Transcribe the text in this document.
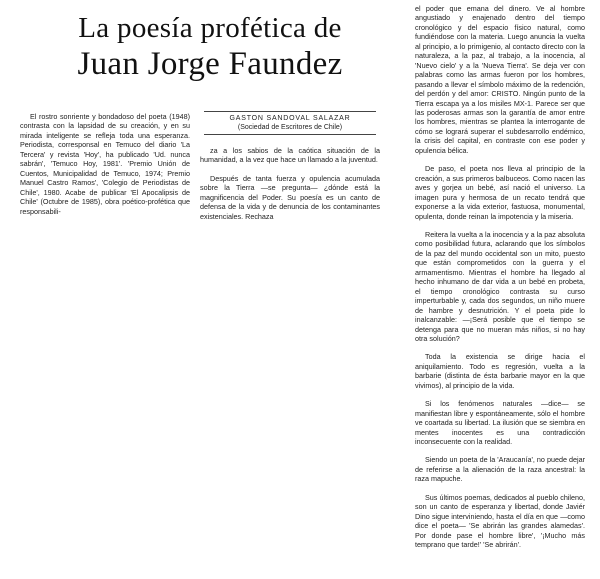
La poesía profética de
Juan Jorge Faundez

El rostro sonriente y bondadoso del poeta (1948) contrasta con la lapsidad de su creación, y en su mirada inteligente se refleja toda una esperanza. Periodista, corresponsal en Temuco del diario 'La Tercera' y revista 'Hoy', ha publicado 'Ud. nunca sabrán', 'Temuco Hoy, 1981'. 'Premio Unión de Cuentos, Municipalidad de Temuco, 1974; Premio Manuel Castro Ramos', 'Colegio de Periodistas de Chile', 1980. Acabe de publicar 'El Apocalipsis de Chile' (Octubre de 1985), obra poético-profética que responsabili-

GASTON SANDOVAL SALAZAR
(Sociedad de Escritores de Chile)

za a los sabios de la caótica situación de la humanidad, a la vez que hace un llamado a la juventud.

Después de tanta fuerza y opulencia acumulada sobre la Tierra —se pregunta— ¿dónde está la magnificencia del Poder. Su poesía es un canto de defensa de la vida y de denuncia de los contaminantes existenciales. Rechaza

el poder que emana del dinero. Ve al hombre angustiado y enajenado dentro del tiempo cronológico y del espacio físico natural, como fundiéndose con la materia. Luego anuncia la vuelta al principio, a lo primigenio, al contacto directo con la naturaleza, a la paz, al trabajo, a la inocencia, al 'Nuevo cielo' y a la 'Nueva Tierra'. Se deja ver con palabras como las armas fueron por los hombres, pasando a llevar el símbolo máximo de la redención, del perdón y del amor: CRISTO. Ningún punto de la Tierra escapa ya a los misiles MX-1. Parece ser que las poderosas armas son la garantía de amor entre los hombres, mientras se plantea la interrogante de cómo se logrará superar el subdesarrollo endémico, la crisis del capital, en contraste con ese poder y opulencia bélica.

De paso, el poeta nos lleva al principio de la creación, a sus primeros balbuceos. Como nacen las aves y gorjea un bebé, así nació el universo. La imagen pura y hermosa de un recato tendrá que exponerse a la vida exterior, fastuosa, monumental, opulenta, donde reinan la impotencia y la miseria.

Reitera la vuelta a la inocencia y a la paz absoluta como posibilidad futura, aclarando que los símbolos de la paz del mundo occidental son un mito, puesto que están comprometidos con la guerra y el armamentismo. Mientras el hombre ha llegado al hecho inhumano de dar vida a un bebé en probeta, el tiempo cronológico contrasta su curso imperturbable y, cada dos segundos, un niño muere de hambre y desnutrición. Y el poeta pide lo inalcanzable: —¡Será posible que el tiempo se detenga para que no mueran más niños, si no hay otra solución?

Toda la existencia se dirige hacia el aniquilamiento. Todo es regresión, vuelta a la barbarie (distinta de ésta barbarie mayor en la que vivimos), al principio de la vida.

Si los fenómenos naturales —dice— se manifiestan libre y espontáneamente, sólo el hombre ve coartada su libertad. La ilusión que se siembra en mentes inocentes es una contradicción inconsecuente con la realidad.

Siendo un poeta de la 'Araucanía', no puede dejar de referirse a la alienación de la raza ancestral: la raza mapuche.

Sus últimos poemas, dedicados al pueblo chileno, son un canto de esperanza y libertad, donde Javiér Dino sigue interviniendo, hasta el día en que —como dice el poeta— 'Se abrirán las grandes alamedas'. Por donde pase el hombre libre', '¡Mucho más temprano que tarde!' 'Se abrirán'.
